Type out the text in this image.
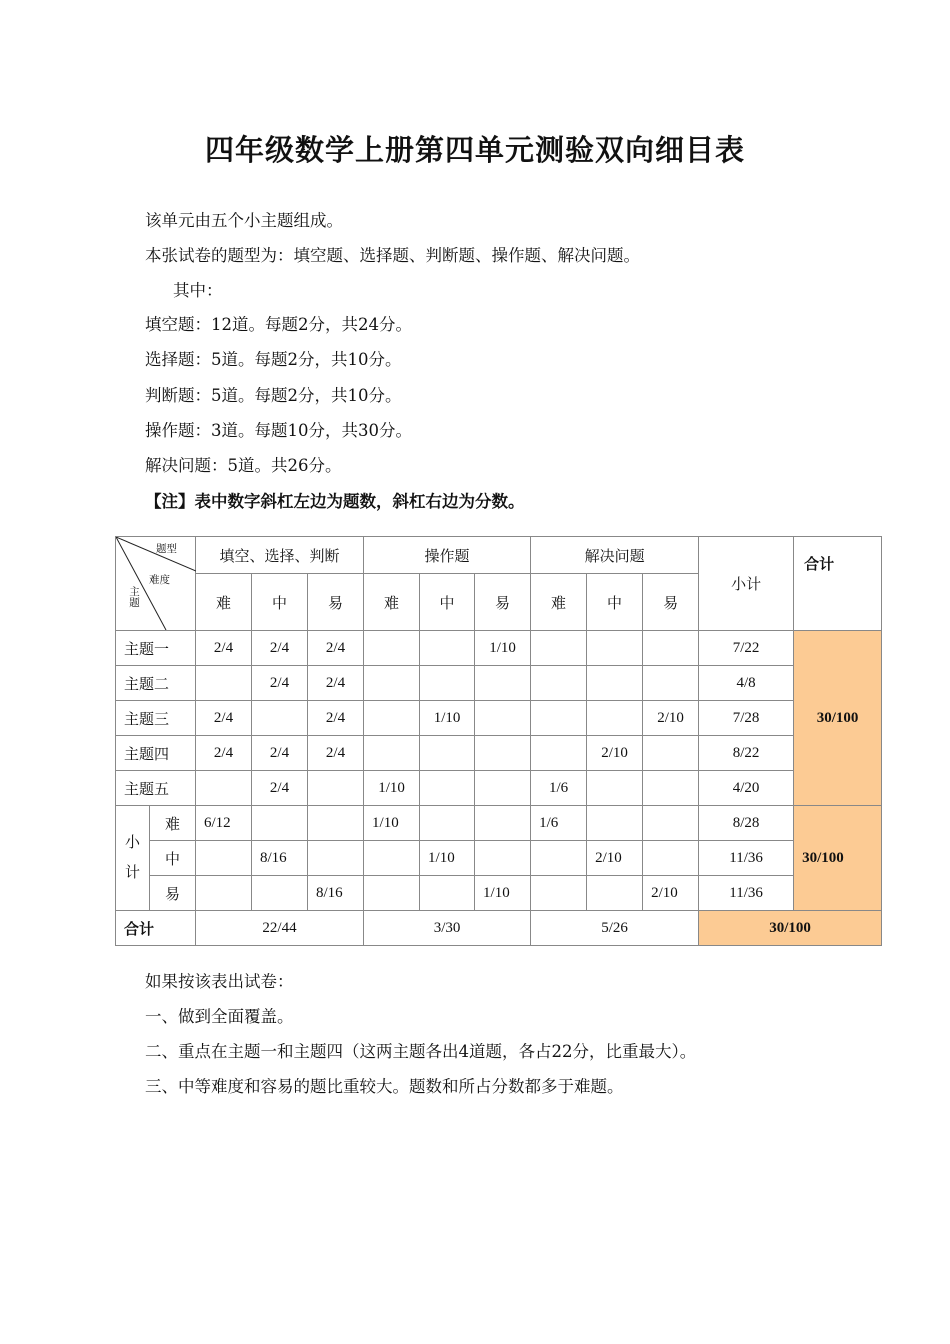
四年级数学上册第四单元测验双向细目表
该单元由五个小主题组成。
本张试卷的题型为：填空题、选择题、判断题、操作题、解决问题。
其中：
填空题：12道。每题2分，共24分。
选择题：5道。每题2分，共10分。
判断题：5道。每题2分，共10分。
操作题：3道。每题10分，共30分。
解决问题：5道。共26分。
【注】表中数字斜杠左边为题数，斜杠右边为分数。
题型
难度
主题		填空、选择、判断			操作题			解决问题			小计	合计
		难	中	易	难	中	易	难	中	易		
主题一		2/4	2/4	2/4			1/10				7/22	30/100
主题二			2/4	2/4							4/8	
主题三		2/4		2/4		1/10				2/10	7/28	
主题四		2/4	2/4	2/4					2/10		8/22	
主题五			2/4		1/10			1/6			4/20	
小
计	难	6/12			1/10			1/6			8/28	30/100
	中		8/16			1/10			2/10		11/36	
	易			8/16			1/10			2/10	11/36	
合计		22/44			3/30			5/26			30/100	
如果按该表出试卷：
一、做到全面覆盖。
二、重点在主题一和主题四（这两主题各出4道题，各占22分，比重最大）。
三、中等难度和容易的题比重较大。题数和所占分数都多于难题。
